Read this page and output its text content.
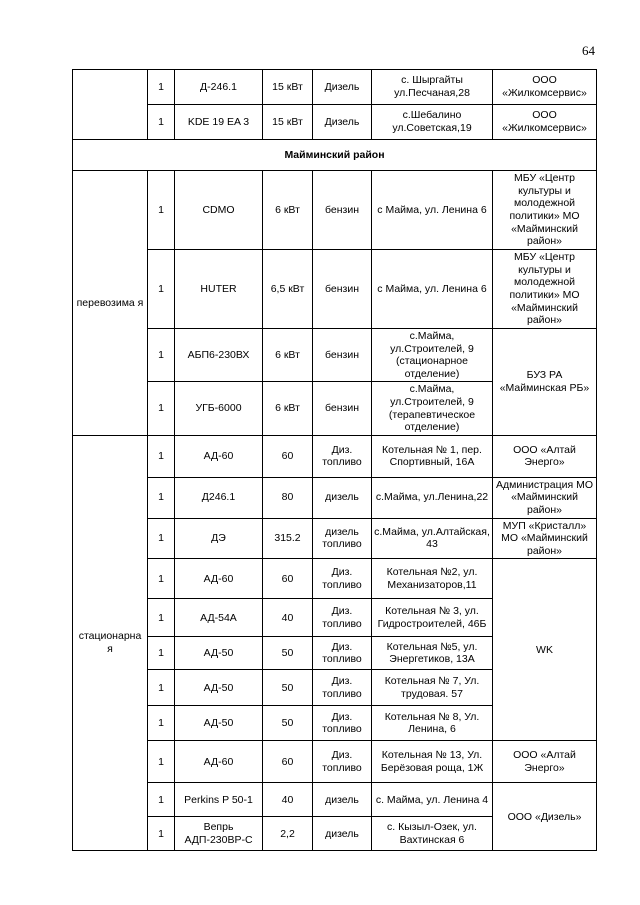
64
	1	Д-246.1	15 кВт	Дизель	с. Шыргайты ул.Песчаная,28	ООО «Жилкомсервис»
	1	KDE 19 EA 3	15 кВт	Дизель	с.Шебалино ул.Советская,19	ООО «Жилкомсервис»
Майминский район						
перевозима я	1	CDMO	6 кВт	бензин	с Майма, ул. Ленина 6	МБУ «Центр культуры и молодежной политики» МО «Майминский район»
	1	HUTER	6,5 кВт	бензин	с Майма, ул. Ленина 6	МБУ «Центр культуры и молодежной политики» МО «Майминский район»
	1	АБП6-230ВХ	6 кВт	бензин	с.Майма, ул.Строителей, 9 (стационарное отделение)	БУЗ РА «Майминская РБ»
	1	УГБ-6000	6 кВт	бензин	с.Майма, ул.Строителей, 9 (терапевтическое отделение)	
стационарна я	1	АД-60	60	Диз. топливо	Котельная № 1, пер. Спортивный, 16А	ООО «Алтай Энерго»
	1	Д246.1	80	дизель	с.Майма, ул.Ленина,22	Администрация МО «Майминский район»
	1	ДЭ	315.2	дизель топливо	с.Майма, ул.Алтайская, 43	МУП «Кристалл» МО «Майминский район»
	1	АД-60	60	Диз. топливо	Котельная №2, ул. Механизаторов,11	WK
	1	АД-54А	40	Диз. топливо	Котельная № 3, ул. Гидростроителей, 46Б	
	1	АД-50	50	Диз. топливо	Котельная №5, ул. Энергетиков, 13А	
	1	АД-50	50	Диз. топливо	Котельная № 7, Ул. трудовая. 57	
	1	АД-50	50	Диз. топливо	Котельная № 8, Ул. Ленина, 6	
	1	АД-60	60	Диз. топливо	Котельная № 13, Ул. Берёзовая роща, 1Ж	ООО «Алтай Энерго»
	1	Perkins P 50-1	40	дизель	с. Майма, ул. Ленина 4	ООО «Дизель»
	1	Вепрь АДП-230ВР-С	2,2	дизель	с. Кызыл-Озек, ул. Вахтинская 6	
